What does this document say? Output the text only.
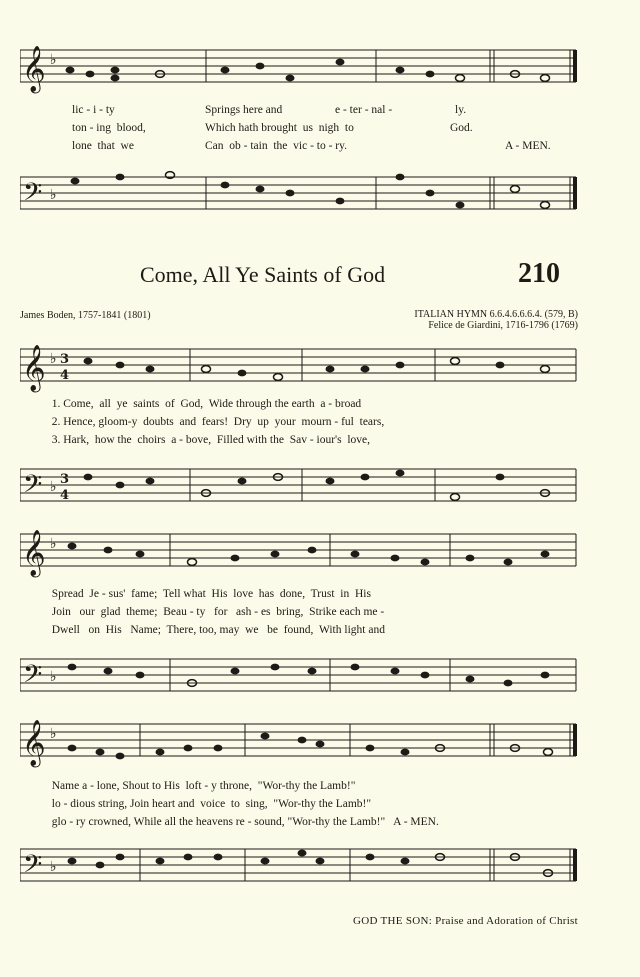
𝄞 ♭

lic - i - ty

	Springs here and

	e - ter - nal -

	ly.

ton - ing  blood,

	Which hath brought  us  nigh  to

	God.

lone  that  we

	Can  ob - tain  the  vic - to - ry.

	A - MEN.

𝄢 ♭
Come, All Ye Saints of God	210
James Boden, 1757-1841 (1801)	ITALIAN HYMN 6.6.4.6.6.6.4. (579, B)
Felice de Giardini, 1716-1796 (1769)
𝄞 ♭ 3
4

1. Come,  all  ye  saints  of  God,  Wide through the earth  a - broad

2. Hence, gloom-y  doubts  and  fears!  Dry  up  your  mourn - ful  tears,

3. Hark,  how the  choirs  a - bove,  Filled with the  Sav - iour's  love,

𝄢 ♭ 3
4
𝄞 ♭

Spread  Je - sus'  fame;  Tell what  His  love  has  done,  Trust  in  His

Join   our  glad  theme;  Beau - ty   for   ash - es  bring,  Strike each me -

Dwell   on  His   Name;  There, too, may  we   be  found,  With light and

𝄢 ♭
𝄞 ♭

Name a - lone, Shout to His  loft - y throne,  "Wor-thy the Lamb!"

lo - dious string, Join heart and  voice  to  sing,  "Wor-thy the Lamb!"

glo - ry crowned, While all the heavens re - sound, "Wor-thy the Lamb!"   A - MEN.

𝄢 ♭
GOD THE SON: Praise and Adoration of Christ
